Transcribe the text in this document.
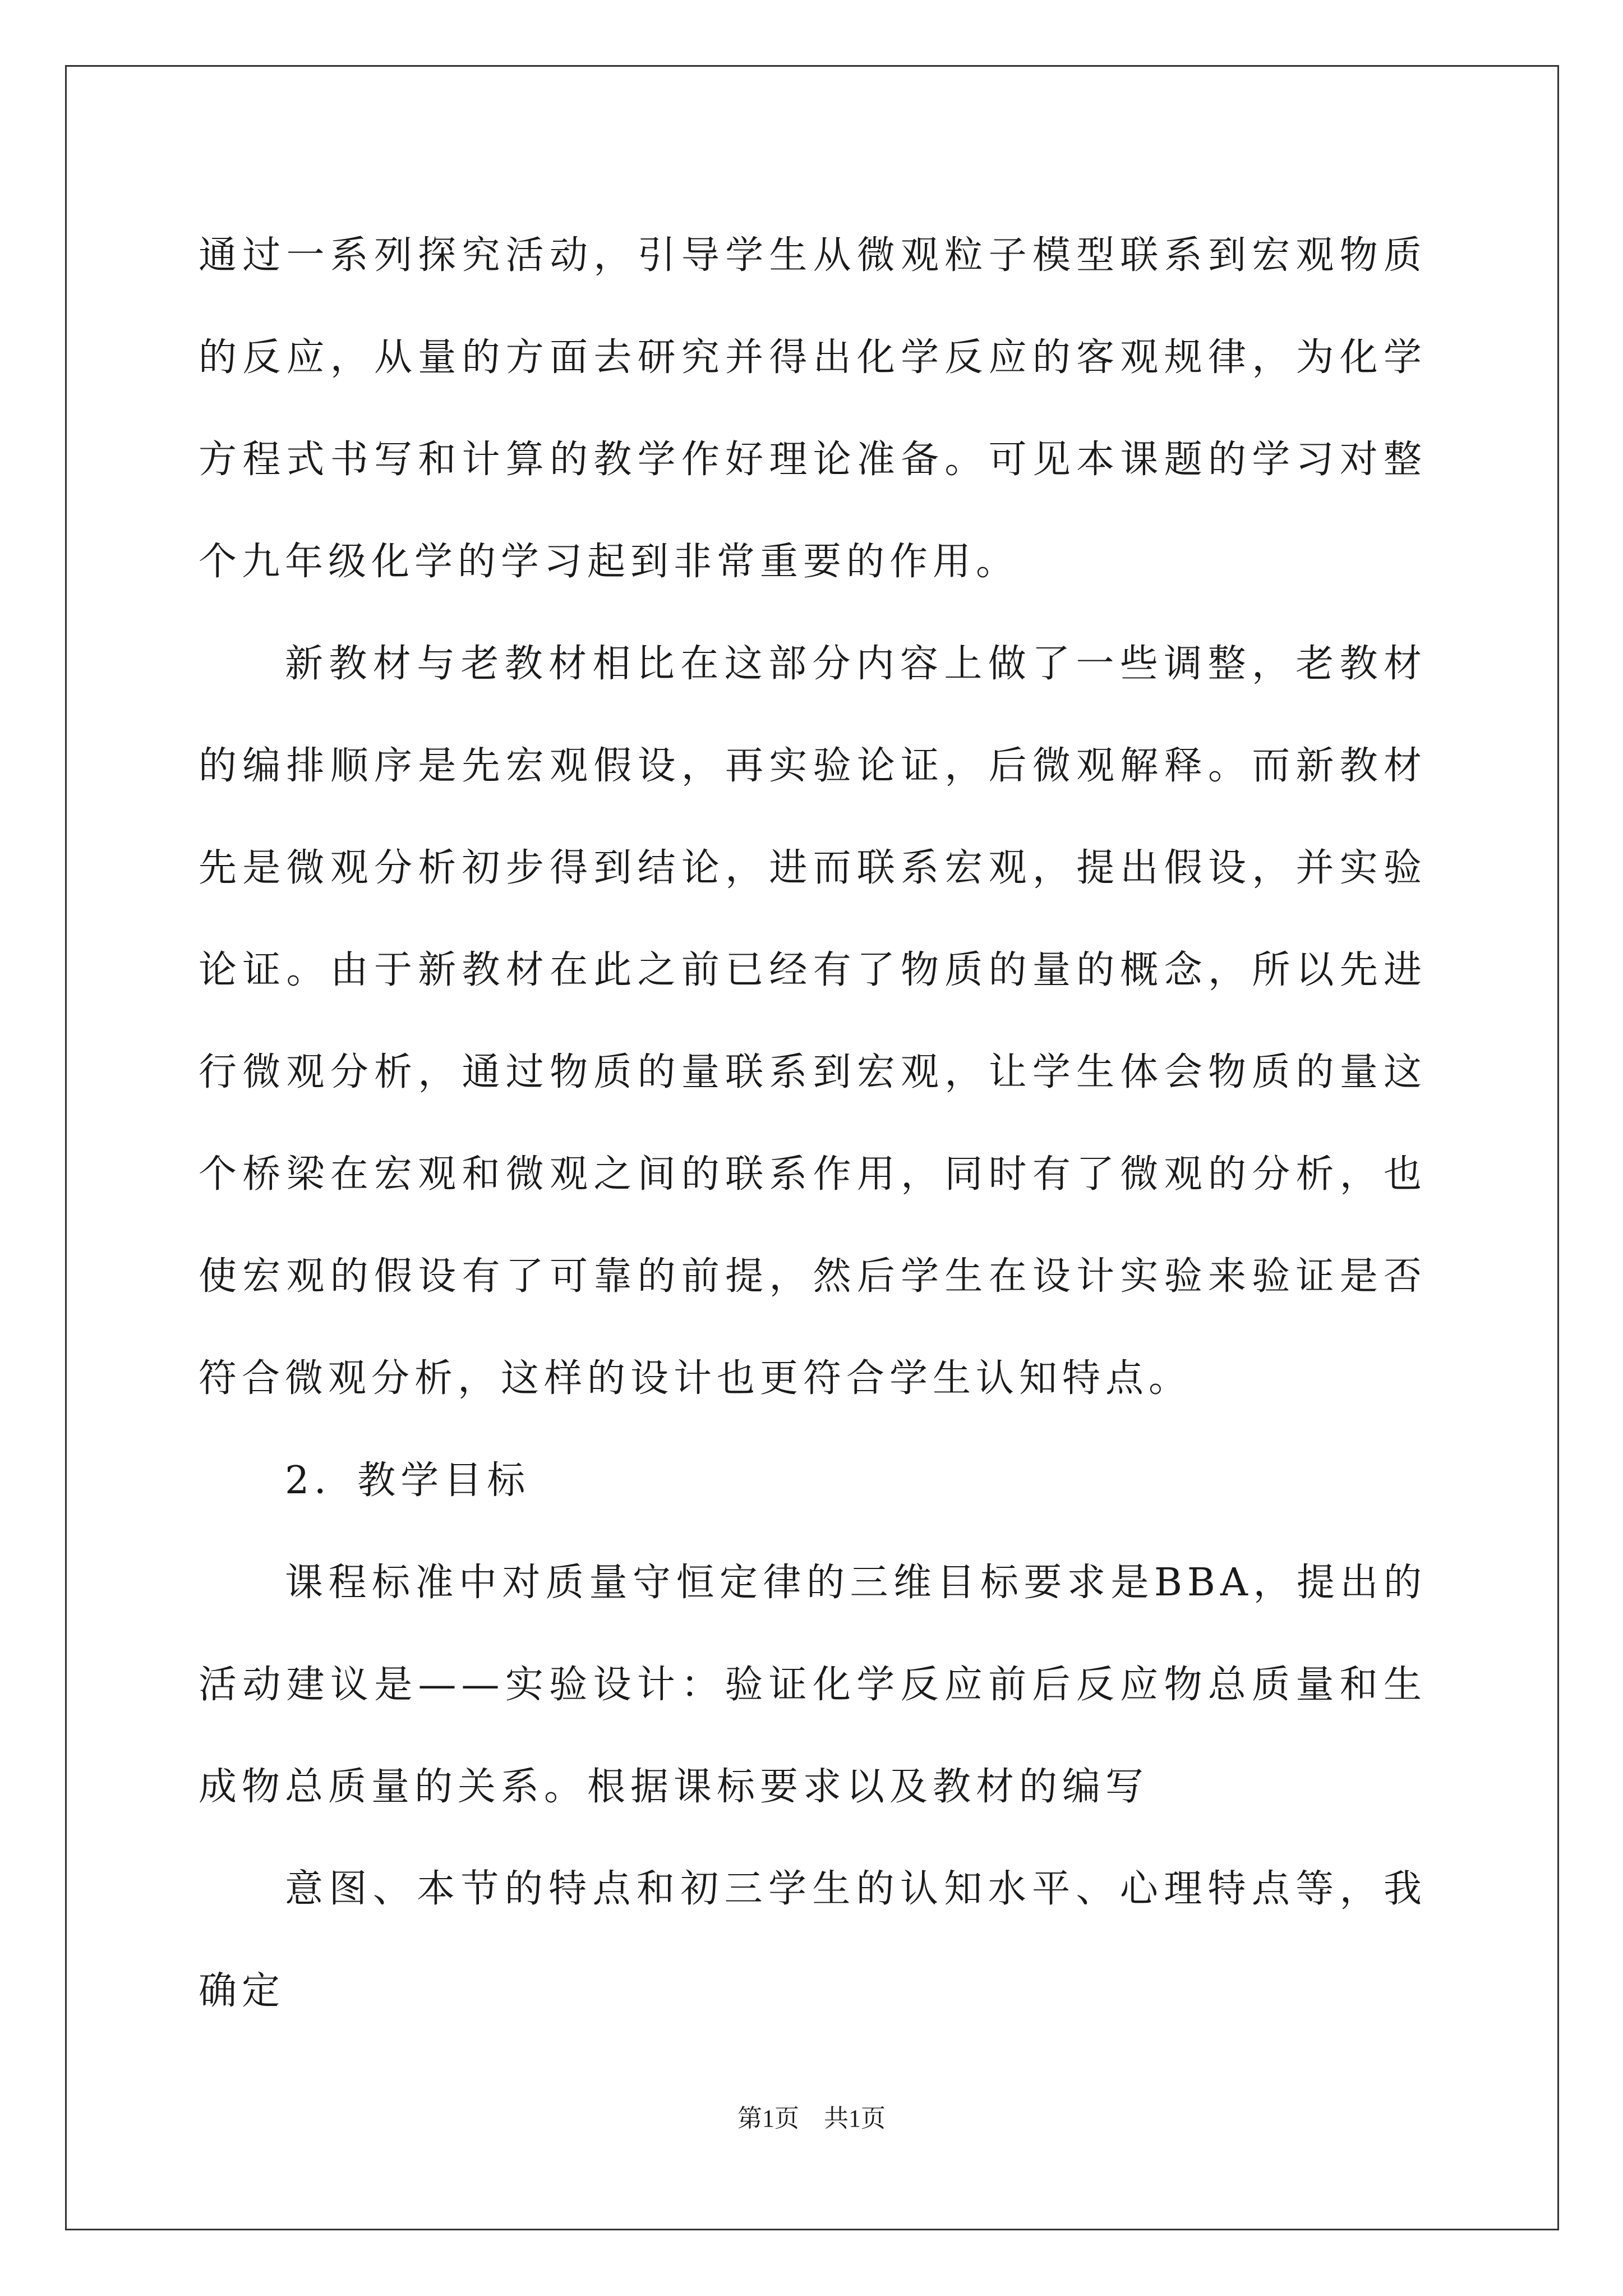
通过一系列探究活动，引导学生从微观粒子模型联系到宏观物质的反应，从量的方面去研究并得出化学反应的客观规律，为化学方程式书写和计算的教学作好理论准备。可见本课题的学习对整个九年级化学的学习起到非常重要的作用。

新教材与老教材相比在这部分内容上做了一些调整，老教材的编排顺序是先宏观假设，再实验论证，后微观解释。而新教材先是微观分析初步得到结论，进而联系宏观，提出假设，并实验论证。由于新教材在此之前已经有了物质的量的概念，所以先进行微观分析，通过物质的量联系到宏观，让学生体会物质的量这个桥梁在宏观和微观之间的联系作用，同时有了微观的分析，也使宏观的假设有了可靠的前提，然后学生在设计实验来验证是否符合微观分析，这样的设计也更符合学生认知特点。

2．教学目标

课程标准中对质量守恒定律的三维目标要求是BBA，提出的活动建议是——实验设计：验证化学反应前后反应物总质量和生成物总质量的关系。根据课标要求以及教材的编写

意图、本节的特点和初三学生的认知水平、心理特点等，我确定

第1页　共1页
